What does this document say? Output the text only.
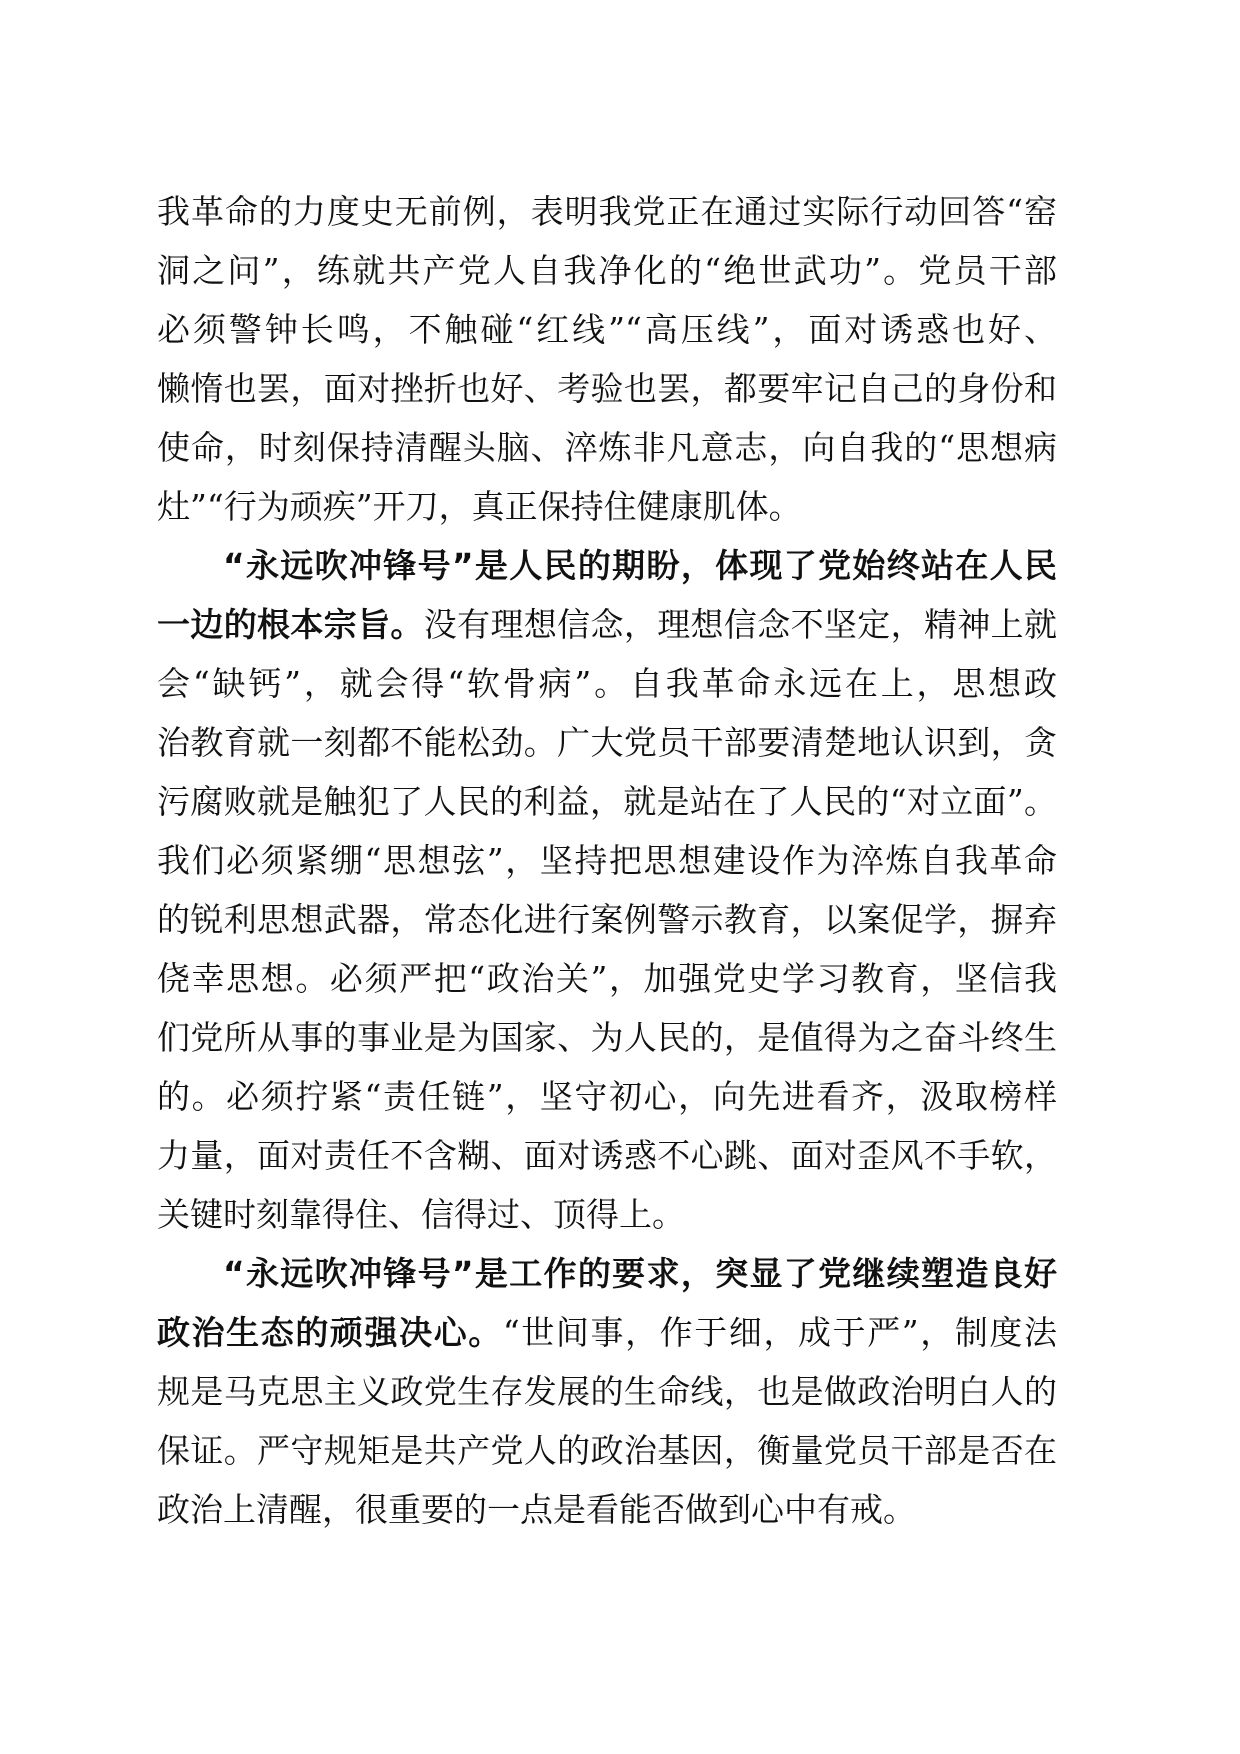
我革命的力度史无前例，表明我党正在通过实际行动回答“窑
洞之问”，练就共产党人自我净化的“绝世武功”。党员干部
必须警钟长鸣，不触碰“红线”“高压线”，面对诱惑也好、
懒惰也罢，面对挫折也好、考验也罢，都要牢记自己的身份和
使命，时刻保持清醒头脑、淬炼非凡意志，向自我的“思想病
灶”“行为顽疾”开刀，真正保持住健康肌体。
“永远吹冲锋号”是人民的期盼，体现了党始终站在人民
一边的根本宗旨。没有理想信念，理想信念不坚定，精神上就
会“缺钙”，就会得“软骨病”。自我革命永远在上，思想政
治教育就一刻都不能松劲。广大党员干部要清楚地认识到，贪
污腐败就是触犯了人民的利益，就是站在了人民的“对立面”。
我们必须紧绷“思想弦”，坚持把思想建设作为淬炼自我革命
的锐利思想武器，常态化进行案例警示教育，以案促学，摒弃
侥幸思想。必须严把“政治关”，加强党史学习教育，坚信我
们党所从事的事业是为国家、为人民的，是值得为之奋斗终生
的。必须拧紧“责任链”，坚守初心，向先进看齐，汲取榜样
力量，面对责任不含糊、面对诱惑不心跳、面对歪风不手软，
关键时刻靠得住、信得过、顶得上。
“永远吹冲锋号”是工作的要求，突显了党继续塑造良好
政治生态的顽强决心。“世间事，作于细，成于严”，制度法
规是马克思主义政党生存发展的生命线，也是做政治明白人的
保证。严守规矩是共产党人的政治基因，衡量党员干部是否在
政治上清醒，很重要的一点是看能否做到心中有戒。
